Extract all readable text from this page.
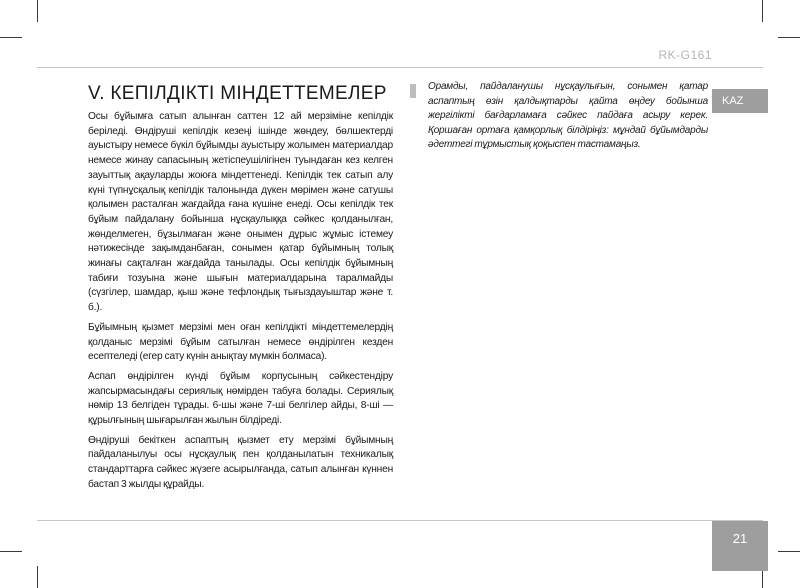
RK-G161
KAZ
V. КЕПІЛДІКТІ МІНДЕТТЕМЕЛЕР

Осы бұйымға сатып алынған саттен 12 ай мерзіміне кепілдік беріледі. Өндіруші кепілдік кезеңі ішінде жөндеу, бөлшектерді ауыстыру немесе бүкіл бұйымды ауыстыру жолымен материалдар немесе жинау сапасының жетіспеушілігінен туындаған кез келген зауыттық ақауларды жоюға міндеттенеді. Кепілдік тек сатып алу күні түпнұсқалық кепілдік талонында дүкен мөрімен және сатушы қолымен расталған жағдайда ғана күшіне енеді. Осы кепілдік тек бұйым пайдалану бойынша нұсқаулыққа сәйкес қолданылған, жөнделмеген, бұзылмаған және онымен дұрыс жұмыс істемеу нәтижесінде зақымданбаған, сонымен қатар бұйымның толық жинағы сақталған жағдайда танылады. Осы кепілдік бұйымның табиғи тозуына және шығын материалдарына таралмайды (сүзгілер, шамдар, қыш және тефлондық тығыздауыштар және т. б.).

Бұйымның қызмет мерзімі мен оған кепілдікті міндеттемелердің қолданыс мерзімі бұйым сатылған немесе өндірілген кезден есептеледі (егер сату күнін анықтау мүмкін болмаса).

Аспап өндірілген күнді бұйым корпусының сәйкестендіру жапсырмасындағы сериялық нөмірден табуға болады. Сериялық нөмір 13 белгіден тұрады. 6-шы және 7-ші белгілер айды, 8-ші — құрылғының шығарылған жылын білдіреді.

Өндіруші бекіткен аспаптың қызмет ету мерзімі бұйымның пайдаланылуы осы нұсқаулық пен қолданылатын техникалық стандарттарға сәйкес жүзеге асырылғанда, сатып алынған күннен бастап 3 жылды құрайды.

Орамды, пайдаланушы нұсқаулығын, сонымен қатар аспаптың өзін қалдықтарды қайта өңдеу бойынша жергілікті бағдарламаға сәйкес пайдаға асыру керек. Қоршаған ортаға қамқорлық білдіріңіз: мұндай бұйымдарды әдеттегі тұрмыстық қоқыспен тастамаңыз.

21
